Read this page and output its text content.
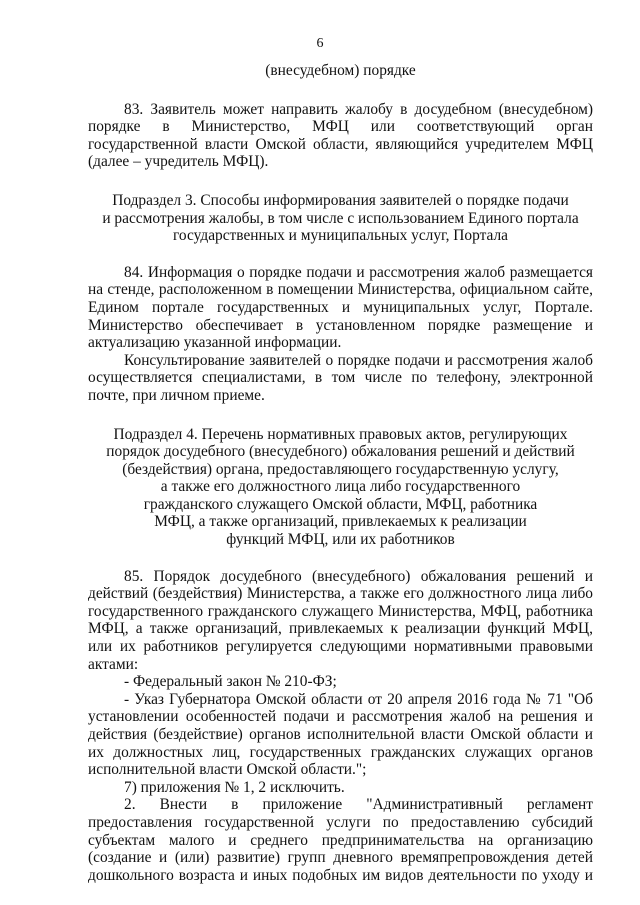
6

(внесудебном) порядке

83. Заявитель может направить жалобу в досудебном (внесудебном) порядке в Министерство, МФЦ или соответствующий орган государственной власти Омской области, являющийся учредителем МФЦ (далее – учредитель МФЦ).

Подраздел 3. Способы информирования заявителей о порядке подачи

и рассмотрения жалобы, в том числе с использованием Единого портала

государственных и муниципальных услуг, Портала

84. Информация о порядке подачи и рассмотрения жалоб размещается на стенде, расположенном в помещении Министерства, официальном сайте, Едином портале государственных и муниципальных услуг, Портале. Министерство обеспечивает в установленном порядке размещение и актуализацию указанной информации.

Консультирование заявителей о порядке подачи и рассмотрения жалоб осуществляется специалистами, в том числе по телефону, электронной почте, при личном приеме.

Подраздел 4. Перечень нормативных правовых актов, регулирующих

порядок досудебного (внесудебного) обжалования решений и действий

(бездействия) органа, предоставляющего государственную услугу,

а также его должностного лица либо государственного

гражданского служащего Омской области, МФЦ, работника

МФЦ, а также организаций, привлекаемых к реализации

функций МФЦ, или их работников

85. Порядок досудебного (внесудебного) обжалования решений и действий (бездействия) Министерства, а также его должностного лица либо государственного гражданского служащего Министерства, МФЦ, работника МФЦ, а также организаций, привлекаемых к реализации функций МФЦ, или их работников регулируется следующими нормативными правовыми актами:

- Федеральный закон № 210-ФЗ;

- Указ Губернатора Омской области от 20 апреля 2016 года № 71 "Об установлении особенностей подачи и рассмотрения жалоб на решения и действия (бездействие) органов исполнительной власти Омской области и их должностных лиц, государственных гражданских служащих органов исполнительной власти Омской области.";

7) приложения № 1, 2 исключить.

2. Внести в приложение "Административный регламент предоставления государственной услуги по предоставлению субсидий субъектам малого и среднего предпринимательства на организацию (создание и (или) развитие) групп дневного времяпрепровождения детей дошкольного возраста и иных подобных им видов деятельности по уходу и
